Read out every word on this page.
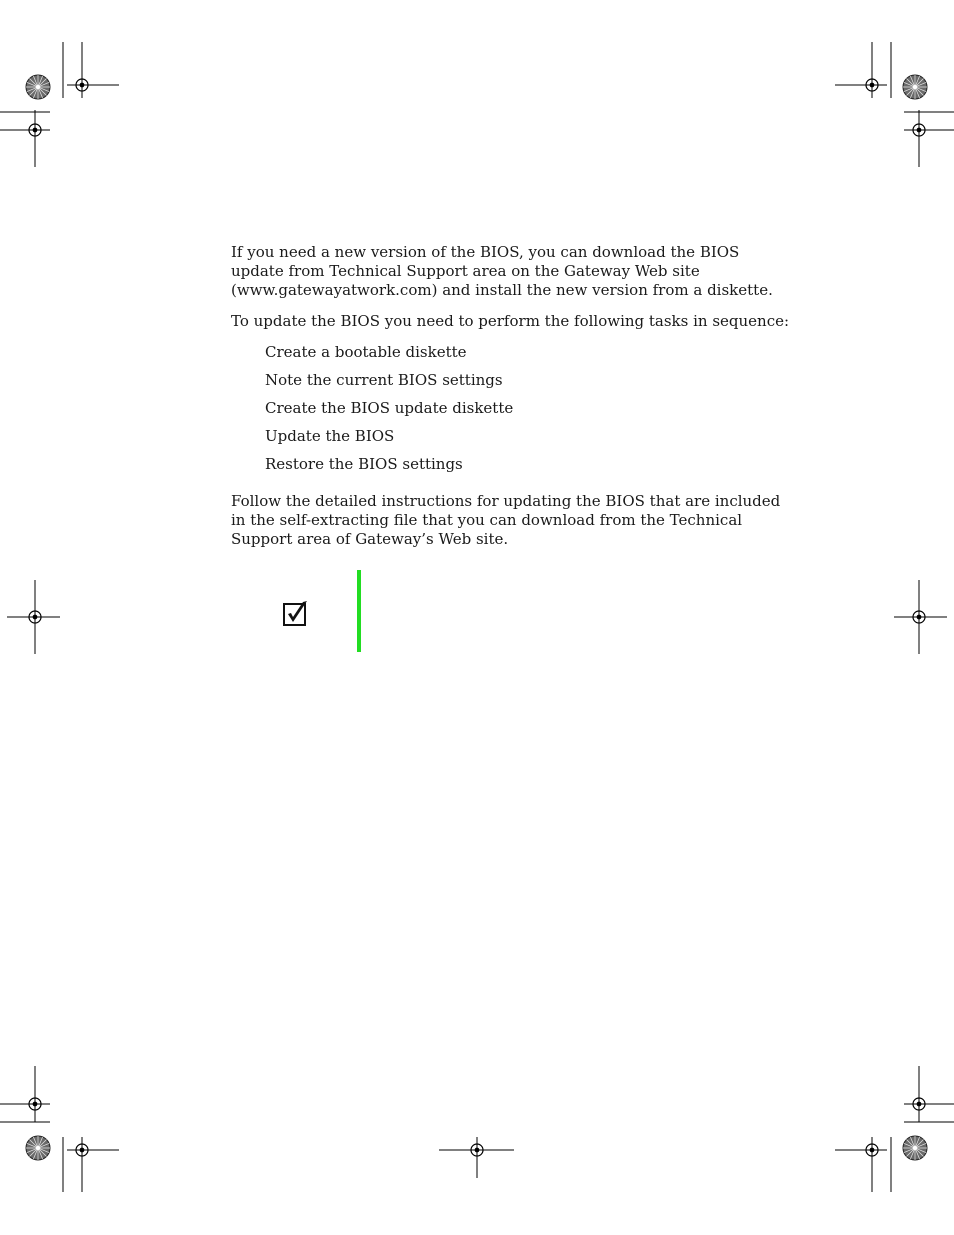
If you need a new version of the BIOS, you can download the BIOS update from Technical Support area on the Gateway Web site (www.gatewayatwork.com) and install the new version from a diskette.

To update the BIOS you need to perform the following tasks in sequence:

Create a bootable diskette
Note the current BIOS settings
Create the BIOS update diskette
Update the BIOS
Restore the BIOS settings

Follow the detailed instructions for updating the BIOS that are included in the self-extracting file that you can download from the Technical Support area of Gateway’s Web site.
